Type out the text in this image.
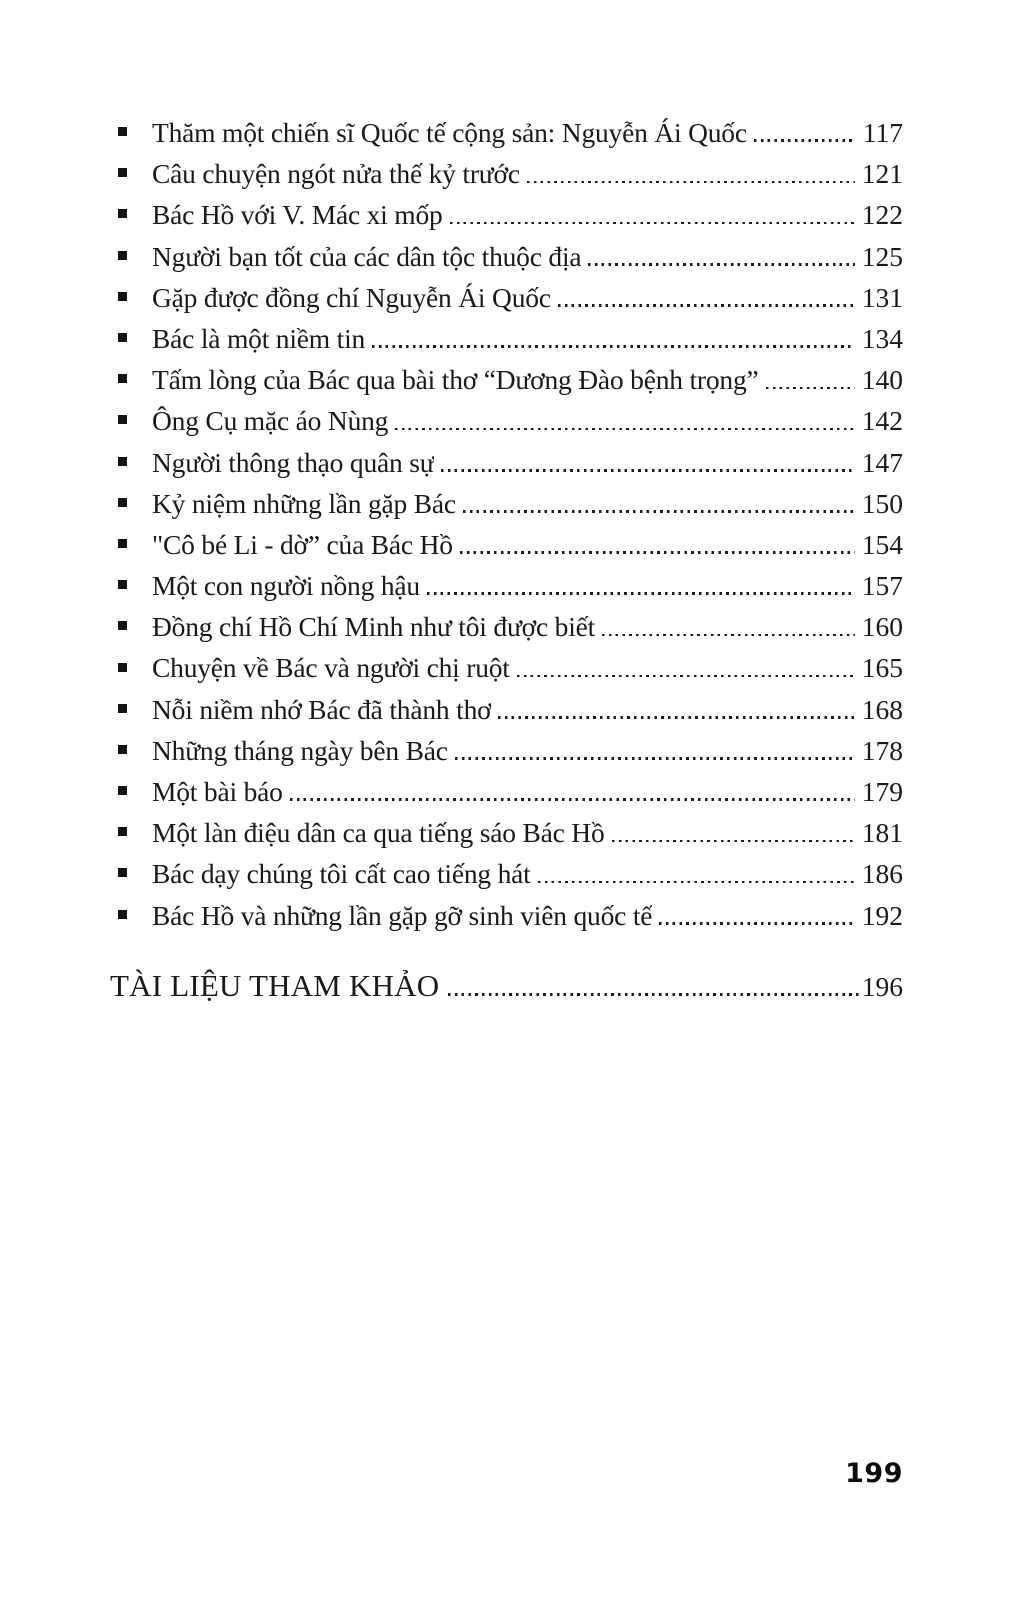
Thăm một chiến sĩ Quốc tế cộng sản: Nguyễn Ái Quốc	117
Câu chuyện ngót nửa thế kỷ trước	121
Bác Hồ với V. Mác xi mốp	122
Người bạn tốt của các dân tộc thuộc địa	125
Gặp được đồng chí Nguyễn Ái Quốc	131
Bác là một niềm tin	134
Tấm lòng của Bác qua bài thơ “Dương Đào bệnh trọng”	140
Ông Cụ mặc áo Nùng	142
Người thông thạo quân sự	147
Kỷ niệm những lần gặp Bác	150
"Cô bé Li - dờ” của Bác Hồ	154
Một con người nồng hậu	157
Đồng chí Hồ Chí Minh như tôi được biết	160
Chuyện về Bác và người chị ruột	165
Nỗi niềm nhớ Bác đã thành thơ	168
Những tháng ngày bên Bác	178
Một bài báo	179
Một làn điệu dân ca qua tiếng sáo Bác Hồ	181
Bác dạy chúng tôi cất cao tiếng hát	186
Bác Hồ và những lần gặp gỡ sinh viên quốc tế	192
TÀI LIỆU THAM KHẢO	196
199
